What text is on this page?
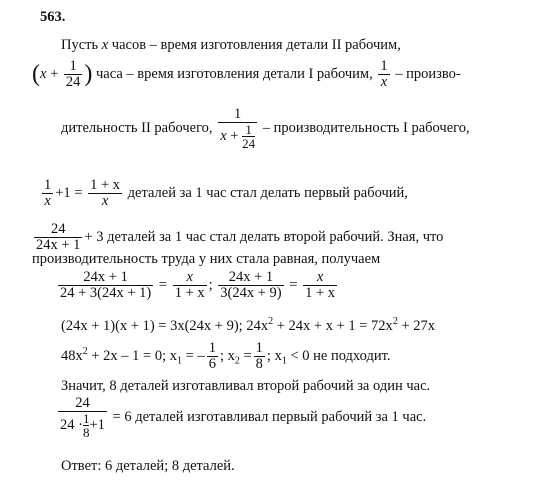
563.
Пусть x часов – время изготовления детали II рабочим,
($x + \frac{1}{24}$ ) часа – время изготовления детали I рабочим, $\frac{1}{x}$ – произво-
дительность II рабочего, $\frac{1}{x + \frac{1}{24}}$ – производительность I рабочего,
$\frac{1}{x} +1 = \frac{1 + x}{x}$ деталей за 1 час стал делать первый рабочий,
$\frac{24}{24x + 1} + 3$ деталей за 1 час стал делать второй рабочий. Зная, что
производительность труда у них стала равная, получаем
$\frac{24x + 1}{24 + 3(24x + 1)} = \frac{x}{1 + x}$ ; $\frac{24x + 1}{3(24x + 9)} = \frac{x}{1 + x}$
(24x + 1)(x + 1) = 3x(24x + 9); $24x^2 + 24x + x + 1 = 72x^2 + 27x$
$48x^2 + 2x - 1 = 0$; $x_1$ = – $\frac{1}{6}$ ; $x_2 = \frac{1}{8}$ ; $x_1 < 0$ не подходит.
Значит, 8 деталей изготавливал второй рабочий за один час.
$\frac{24}{24 \cdot \frac{1}{8} +1} = 6$ деталей изготавливал первый рабочий за 1 час.
Ответ: 6 деталей; 8 деталей.
